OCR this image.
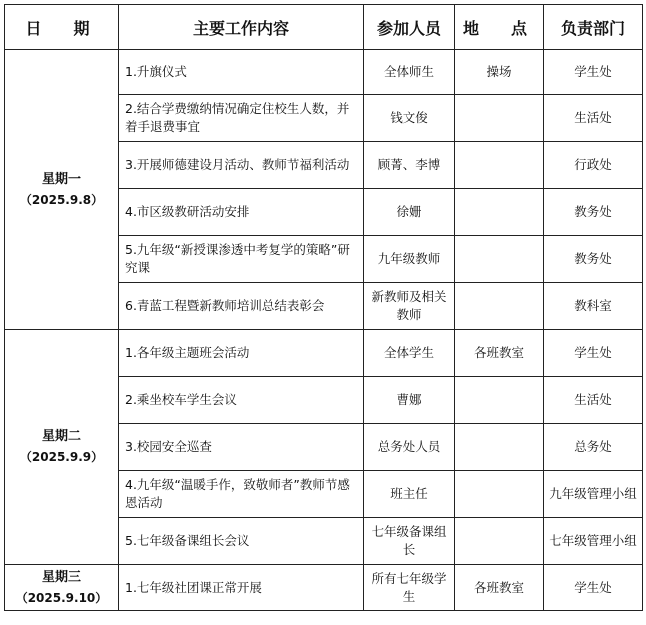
日　期	主要工作内容	参加人员	地　点	负责部门

星期一
（2025.9.8）	1.升旗仪式	全体师生	操场	学生处
	2.结合学费缴纳情况确定住校生人数，并着手退费事宜	钱文俊		生活处
	3.开展师德建设月活动、教师节福利活动	顾菁、李博		行政处
	4.市区级教研活动安排	徐姗		教务处
	5.九年级“新授课渗透中考复学的策略”研究课	九年级教师		教务处
	6.青蓝工程暨新教师培训总结表彰会	新教师及相关教师		教科室

星期二
（2025.9.9）	1.各年级主题班会活动	全体学生	各班教室	学生处
	2.乘坐校车学生会议	曹娜		生活处
	3.校园安全巡查	总务处人员		总务处
	4.九年级“温暖手作，致敬师者”教师节感恩活动	班主任		九年级管理小组
	5.七年级备课组长会议	七年级备课组长		七年级管理小组

星期三
（2025.9.10）	1.七年级社团课正常开展	所有七年级学生	各班教室	学生处
